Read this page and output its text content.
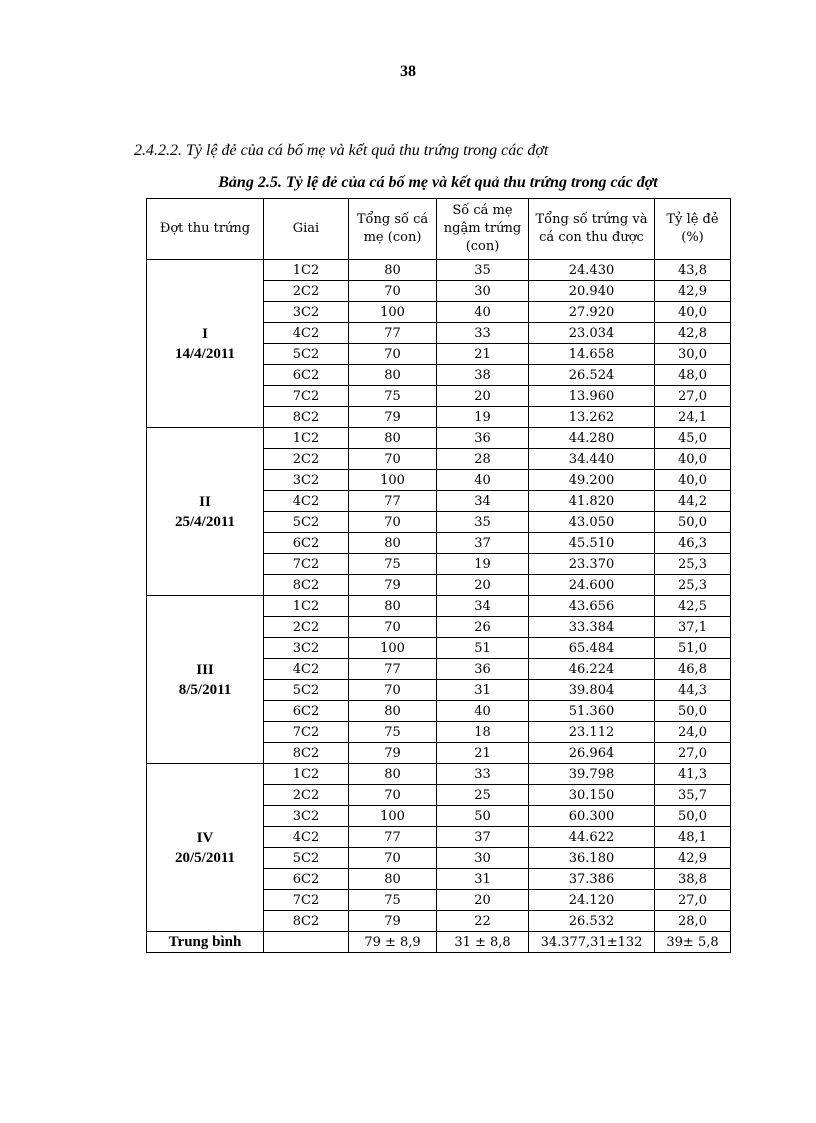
38
2.4.2.2. Tỷ lệ đẻ của cá bố mẹ và kết quả thu trứng trong các đợt
Bảng 2.5. Tỷ lệ đẻ của cá bố mẹ và kết quả thu trứng trong các đợt
Đợt thu trứng	Giai	Tổng số cá mẹ (con)	Số cá mẹ ngậm trứng (con)	Tổng số trứng và cá con thu được	Tỷ lệ đẻ (%)

I
14/4/2011	1C2	80	35	24.430	43,8
	2C2	70	30	20.940	42,9
	3C2	100	40	27.920	40,0
	4C2	77	33	23.034	42,8
	5C2	70	21	14.658	30,0
	6C2	80	38	26.524	48,0
	7C2	75	20	13.960	27,0
	8C2	79	19	13.262	24,1

II
25/4/2011	1C2	80	36	44.280	45,0
	2C2	70	28	34.440	40,0
	3C2	100	40	49.200	40,0
	4C2	77	34	41.820	44,2
	5C2	70	35	43.050	50,0
	6C2	80	37	45.510	46,3
	7C2	75	19	23.370	25,3
	8C2	79	20	24.600	25,3

III
8/5/2011	1C2	80	34	43.656	42,5
	2C2	70	26	33.384	37,1
	3C2	100	51	65.484	51,0
	4C2	77	36	46.224	46,8
	5C2	70	31	39.804	44,3
	6C2	80	40	51.360	50,0
	7C2	75	18	23.112	24,0
	8C2	79	21	26.964	27,0

IV
20/5/2011	1C2	80	33	39.798	41,3
	2C2	70	25	30.150	35,7
	3C2	100	50	60.300	50,0
	4C2	77	37	44.622	48,1
	5C2	70	30	36.180	42,9
	6C2	80	31	37.386	38,8
	7C2	75	20	24.120	27,0
	8C2	79	22	26.532	28,0
Trung bình		79 ± 8,9	31 ± 8,8	34.377,31±132	39± 5,8
